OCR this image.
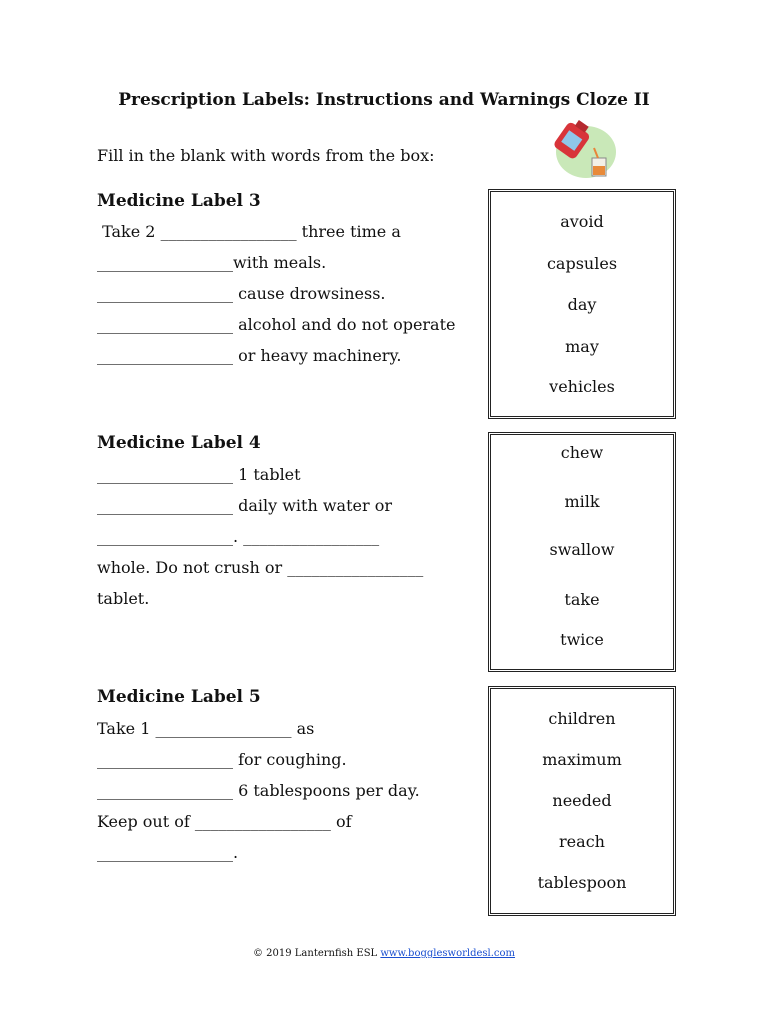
Prescription Labels: Instructions and Warnings Cloze II
Fill in the blank with words from the box:
Medicine Label 3
Take 2 _________________ three time a
_________________with meals.
_________________ cause drowsiness.
_________________ alcohol and do not operate
_________________ or heavy machinery.
avoid
capsules
day
may
vehicles
Medicine Label 4
_________________ 1 tablet
_________________ daily with water or
_________________. _________________
whole. Do not crush or _________________
tablet.
chew
milk
swallow
take
twice
Medicine Label 5
Take 1 _________________ as
_________________ for coughing.
_________________ 6 tablespoons per day.
Keep out of _________________ of
_________________.
children
maximum
needed
reach
tablespoon
© 2019 Lanternfish ESL www.bogglesworldesl.com
